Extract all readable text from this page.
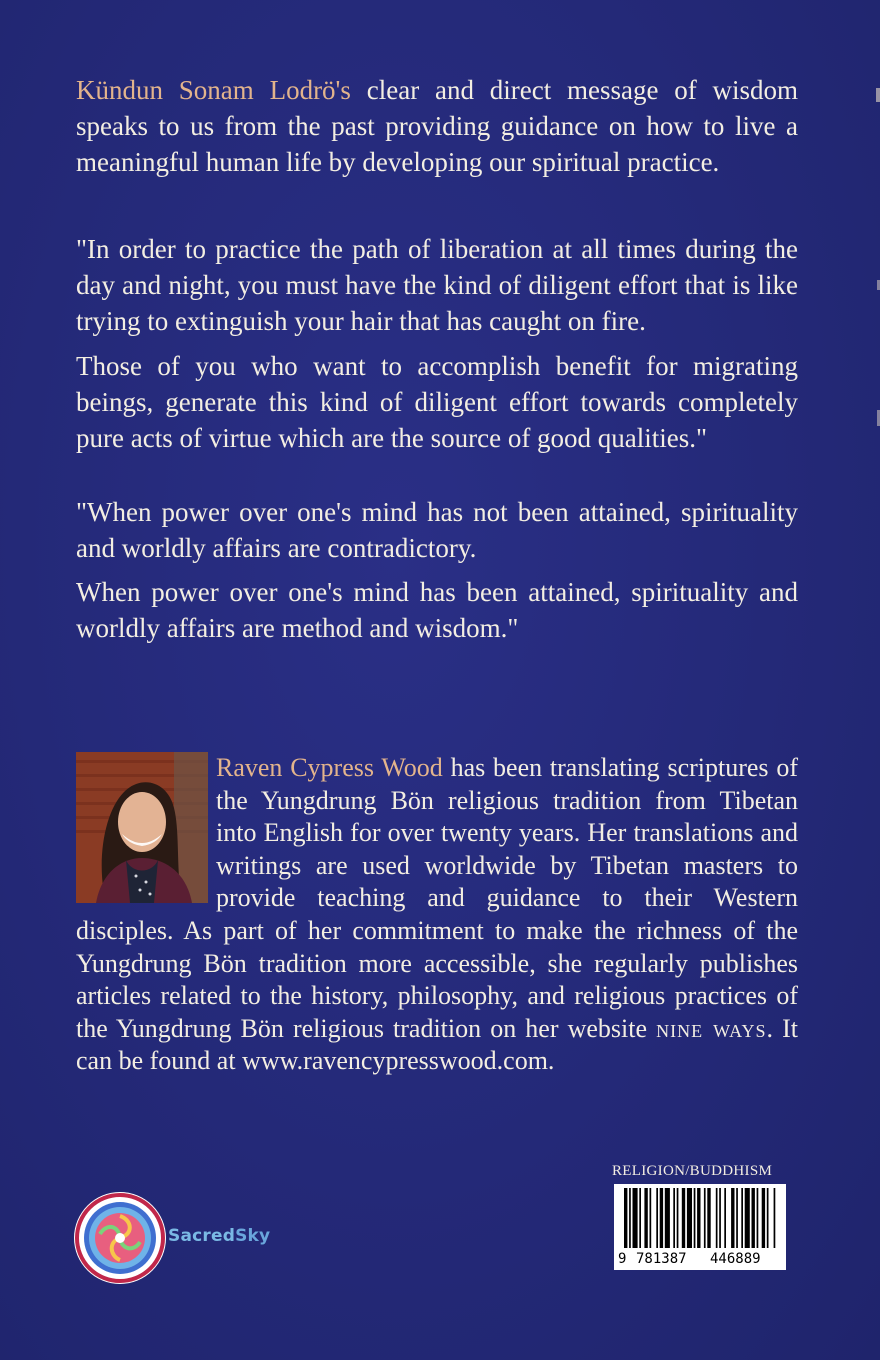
Kündun Sonam Lodrö's clear and direct message of wisdom speaks to us from the past providing guidance on how to live a meaningful human life by developing our spiritual practice.

"In order to practice the path of liberation at all times during the day and night, you must have the kind of diligent effort that is like trying to extinguish your hair that has caught on fire.

Those of you who want to accomplish benefit for migrating beings, generate this kind of diligent effort towards completely pure acts of virtue which are the source of good qualities."

"When power over one's mind has not been attained, spirituality and worldly affairs are contradictory.

When power over one's mind has been attained, spirituality and worldly affairs are method and wisdom."

Raven Cypress Wood has been translating scriptures of the Yungdrung Bön religious tradition from Tibetan into English for over twenty years. Her translations and writings are used worldwide by Tibetan masters to provide teaching and guidance to their Western disciples. As part of her commitment to make the richness of the Yungdrung Bön tradition more accessible, she regularly publishes articles related to the history, philosophy, and religious practices of the Yungdrung Bön religious tradition on her website nine ways. It can be found at www.ravencypresswood.com.

SacredSky
RELIGION/BUDDHISM
9 781387 446889
